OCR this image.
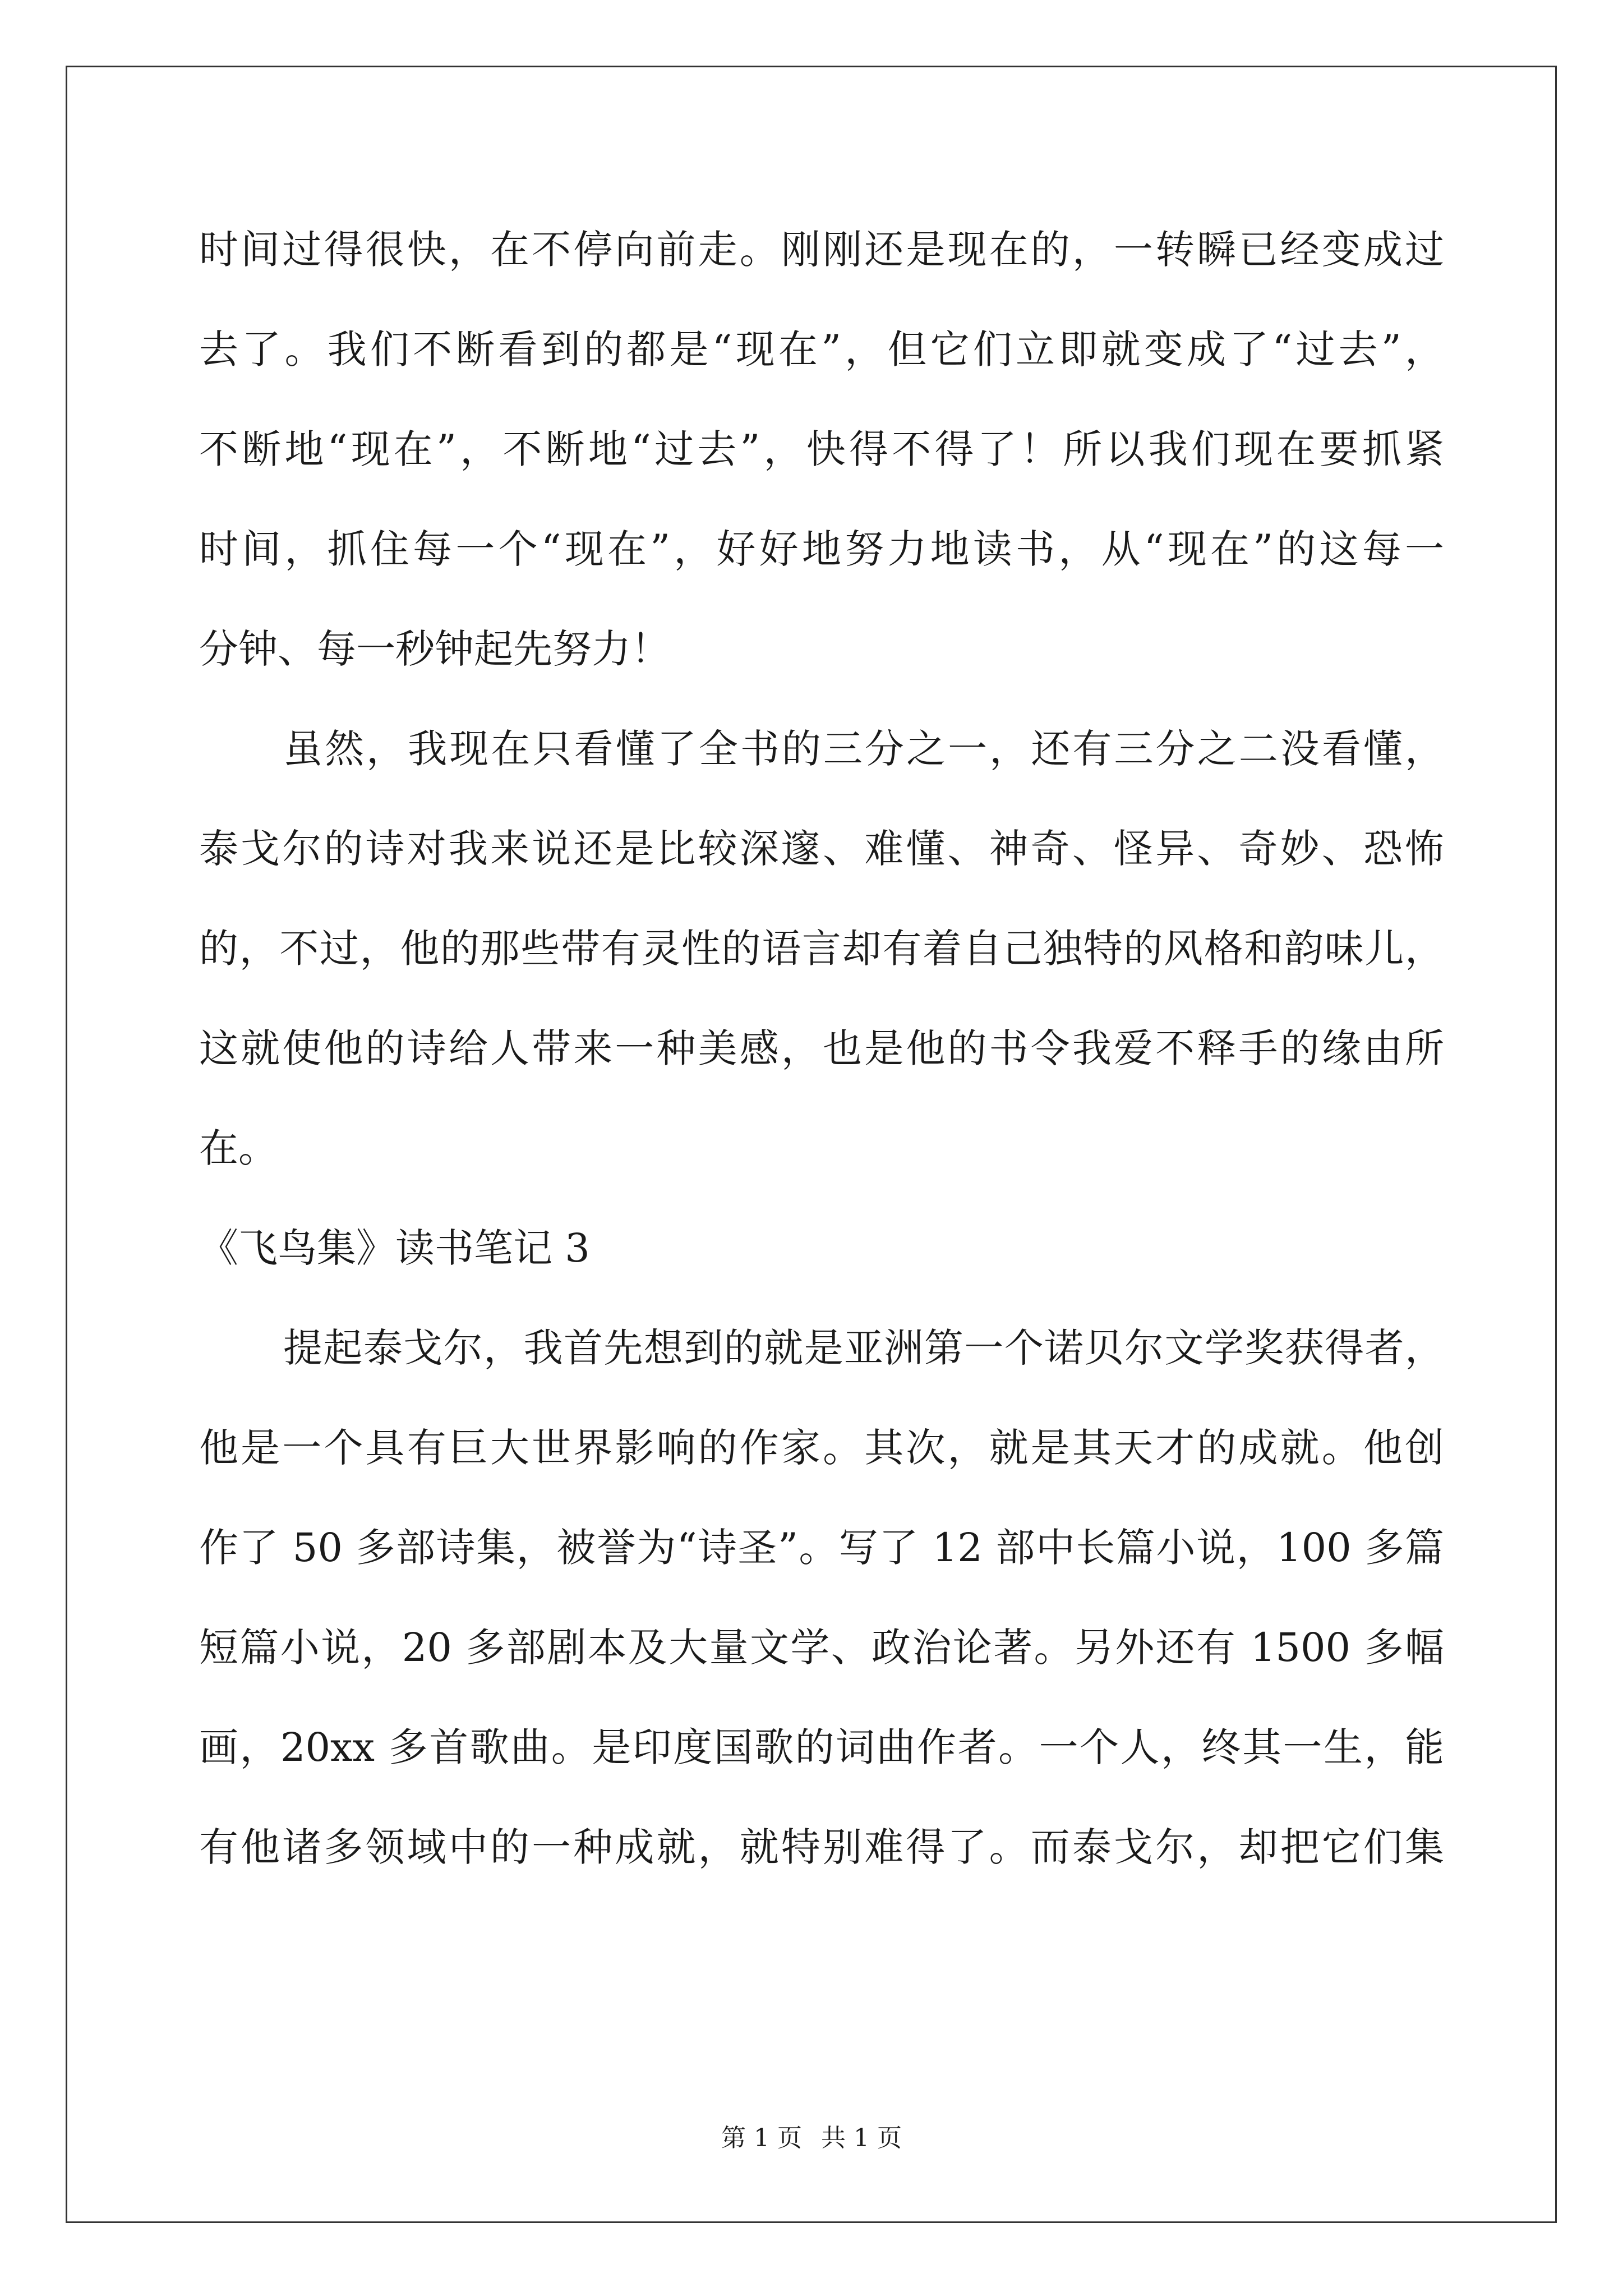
时间过得很快，在不停向前走。刚刚还是现在的，一转瞬已经变成过
去了。我们不断看到的都是“现在”，但它们立即就变成了“过去”，
不断地“现在”，不断地“过去”，快得不得了！所以我们现在要抓紧
时间，抓住每一个“现在”，好好地努力地读书，从“现在”的这每一
分钟、每一秒钟起先努力！
虽然，我现在只看懂了全书的三分之一，还有三分之二没看懂，
泰戈尔的诗对我来说还是比较深邃、难懂、神奇、怪异、奇妙、恐怖
的，不过，他的那些带有灵性的语言却有着自己独特的风格和韵味儿，
这就使他的诗给人带来一种美感，也是他的书令我爱不释手的缘由所
在。
《飞鸟集》读书笔记 3
提起泰戈尔，我首先想到的就是亚洲第一个诺贝尔文学奖获得者，
他是一个具有巨大世界影响的作家。其次，就是其天才的成就。他创
作了 50 多部诗集，被誉为“诗圣”。写了 12 部中长篇小说，100 多篇
短篇小说，20 多部剧本及大量文学、政治论著。另外还有 1500 多幅
画，20xx 多首歌曲。是印度国歌的词曲作者。一个人，终其一生，能
有他诸多领域中的一种成就，就特别难得了。而泰戈尔，却把它们集
第 1 页 共 1 页
